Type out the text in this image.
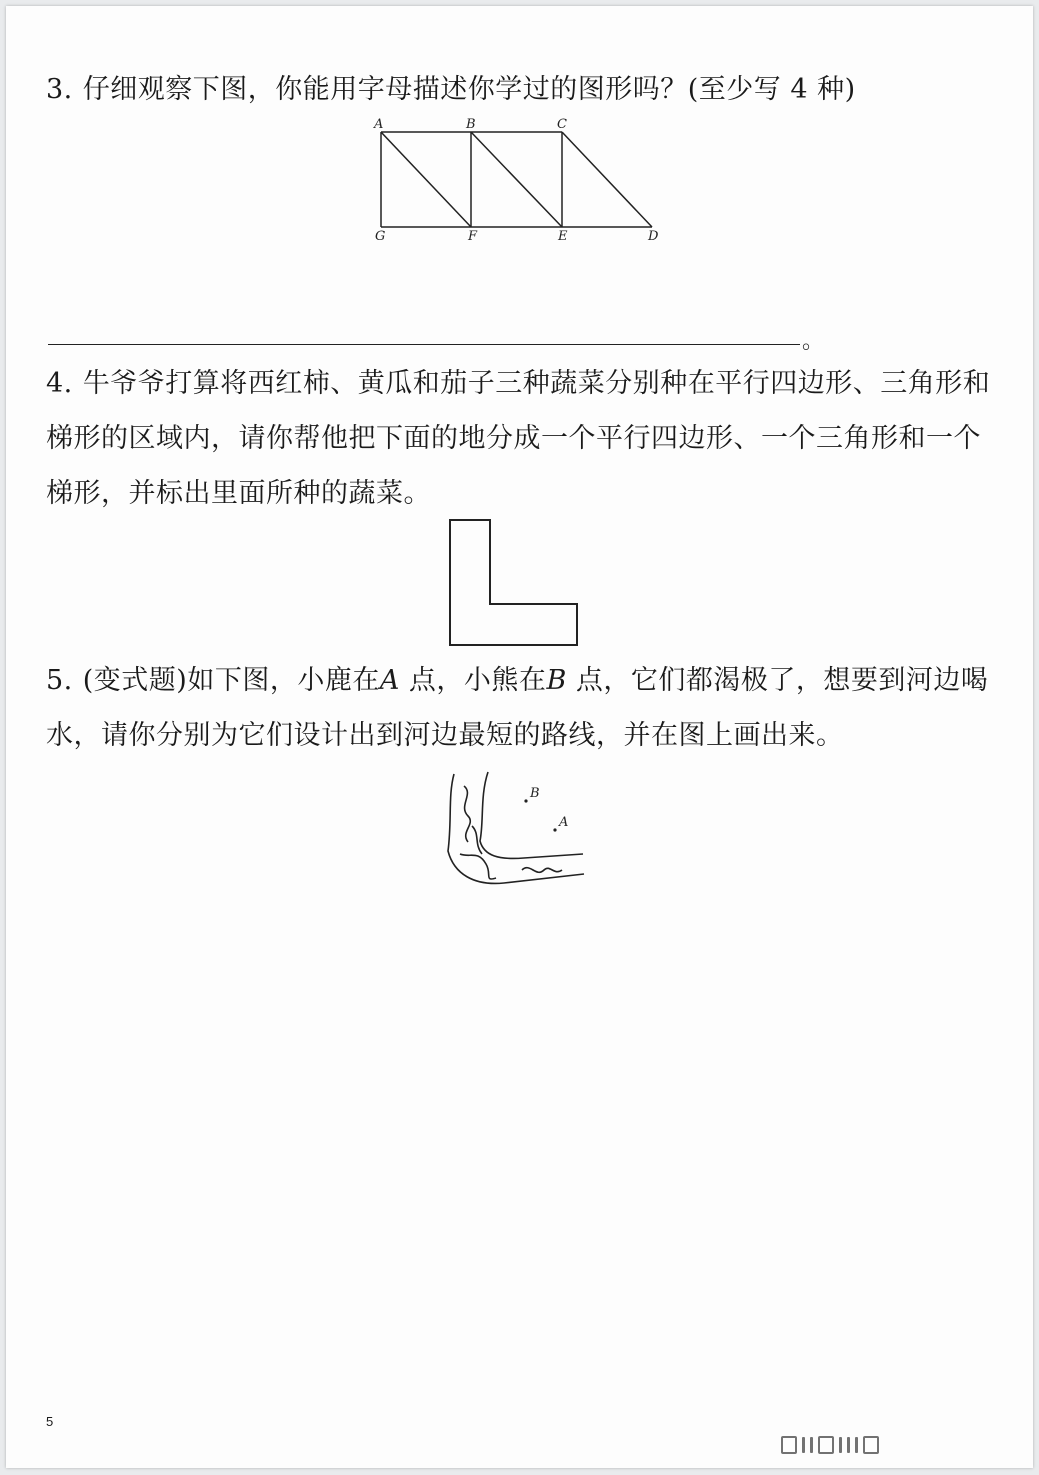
3. 仔细观察下图，你能用字母描述你学过的图形吗？(至少写 4 种)
A	B	C
G	F	E	D
。
4. 牛爷爷打算将西红柿、黄瓜和茄子三种蔬菜分别种在平行四边形、三角形和梯形的区域内，请你帮他把下面的地分成一个平行四边形、一个三角形和一个梯形，并标出里面所种的蔬菜。
5. (变式题)如下图，小鹿在A 点，小熊在B 点，它们都渴极了，想要到河边喝水，请你分别为它们设计出到河边最短的路线，并在图上画出来。
B
A
5
